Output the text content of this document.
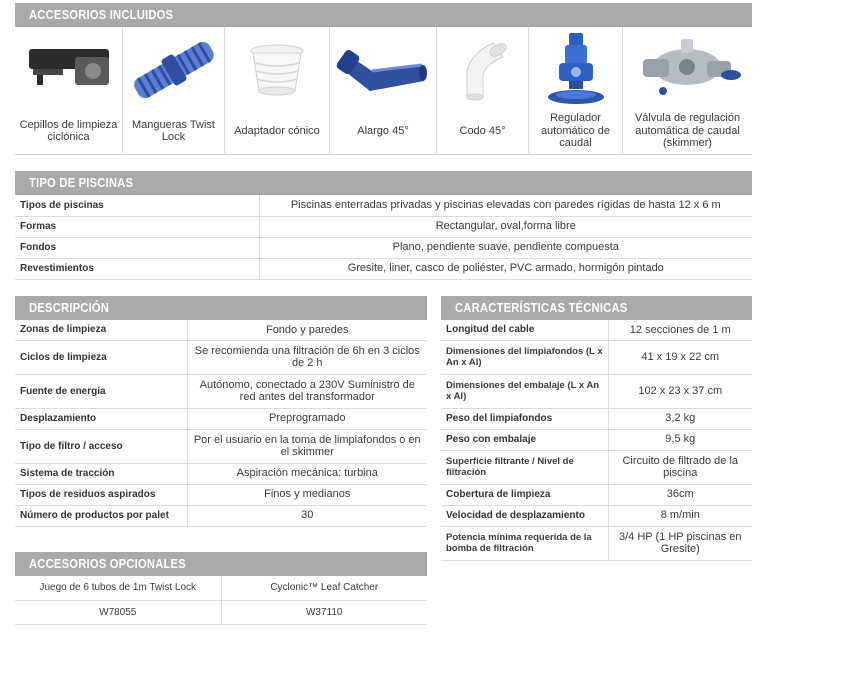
ACCESORIOS INCLUIDOS
Cepillos de limpieza ciclónica
Mangueras Twist Lock
Adaptador cónico	Alargo 45°	Codo 45°
Regulador automático de caudal
Válvula de regulación automática de caudal (skimmer)
TIPO DE PISCINAS
Tipos de piscinas	Piscinas enterradas privadas y piscinas elevadas con paredes rígidas de hasta 12 x 6 m
Formas	Rectangular, oval,forma libre
Fondos	Plano, pendiente suave, pendiente compuesta
Revestimientos	Gresite, liner, casco de poliéster, PVC armado, hormigón pintado
DESCRIPCIÓN
Zonas de limpieza	Fondo y paredes
Ciclos de limpieza	Se recomienda una filtración de 6h en 3 ciclos de 2 h
Fuente de energía	Autónomo, conectado a 230V Suministro de red antes del transformador
Desplazamiento	Preprogramado
Tipo de filtro / acceso	Por el usuario en la toma de limpiafondos o en el skimmer
Sistema de tracción	Aspiración mecánica: turbina
Tipos de residuos aspirados	Finos y medianos
Número de productos por palet	30
CARACTERÍSTICAS TÉCNICAS
Longitud del cable	12 secciones de 1 m
Dimensiones del limpiafondos (L x An x Al)	41 x 19 x 22 cm
Dimensiones del embalaje (L x An x Al)	102 x 23 x 37 cm
Peso del limpiafondos	3,2 kg
Peso con embalaje	9,5 kg
Superficie filtrante / Nivel de filtración	Circuito de filtrado de la piscina
Cobertura de limpieza	36cm
Velocidad de desplazamiento	8 m/min
Potencia mínima requerida de la bomba de filtración	3/4 HP (1 HP piscinas en Gresite)
ACCESORIOS OPCIONALES
Juego de 6 tubos de 1m Twist Lock	Cyclonic™ Leaf Catcher
W78055	W37110
